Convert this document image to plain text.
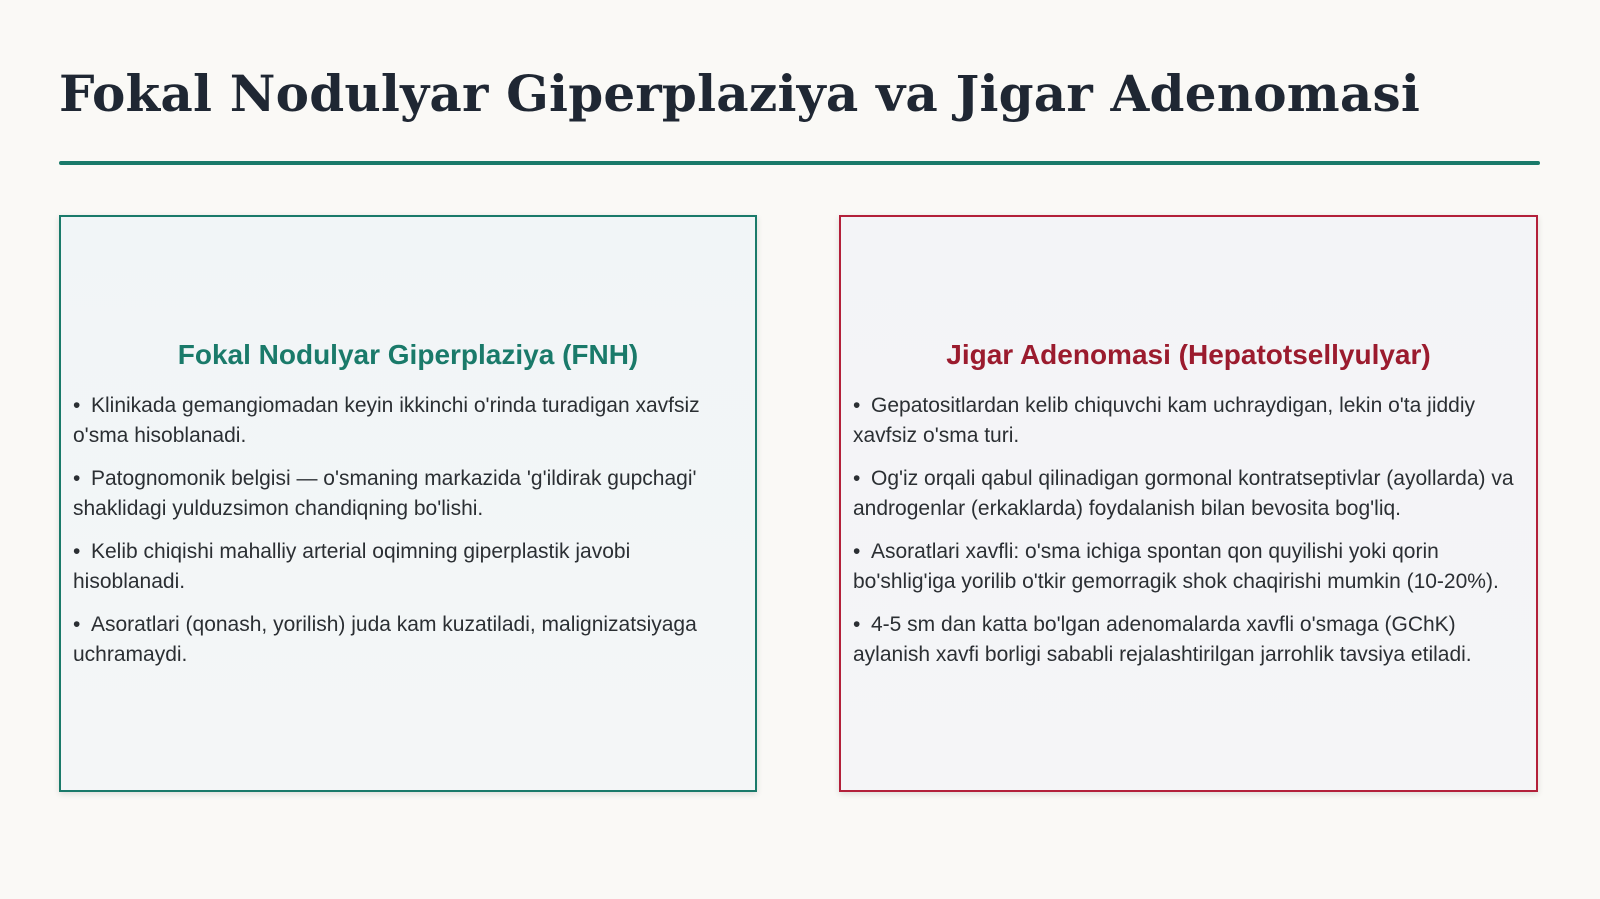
Fokal Nodulyar Giperplaziya va Jigar Adenomasi
Fokal Nodulyar Giperplaziya (FNH)
• Klinikada gemangiomadan keyin ikkinchi o'rinda turadigan xavfsiz o'sma hisoblanadi.
• Patognomonik belgisi — o'smaning markazida 'g'ildirak gupchagi' shaklidagi yulduzsimon chandiqning bo'lishi.
• Kelib chiqishi mahalliy arterial oqimning giperplastik javobi hisoblanadi.
• Asoratlari (qonash, yorilish) juda kam kuzatiladi, malignizatsiyaga uchramaydi.
Jigar Adenomasi (Hepatotsellyulyar)
• Gepatositlardan kelib chiquvchi kam uchraydigan, lekin o'ta jiddiy xavfsiz o'sma turi.
• Og'iz orqali qabul qilinadigan gormonal kontratseptivlar (ayollarda) va androgenlar (erkaklarda) foydalanish bilan bevosita bog'liq.
• Asoratlari xavfli: o'sma ichiga spontan qon quyilishi yoki qorin bo'shlig'iga yorilib o'tkir gemorragik shok chaqirishi mumkin (10-20%).
• 4-5 sm dan katta bo'lgan adenomalarda xavfli o'smaga (GChK) aylanish xavfi borligi sababli rejalashtirilgan jarrohlik tavsiya etiladi.
